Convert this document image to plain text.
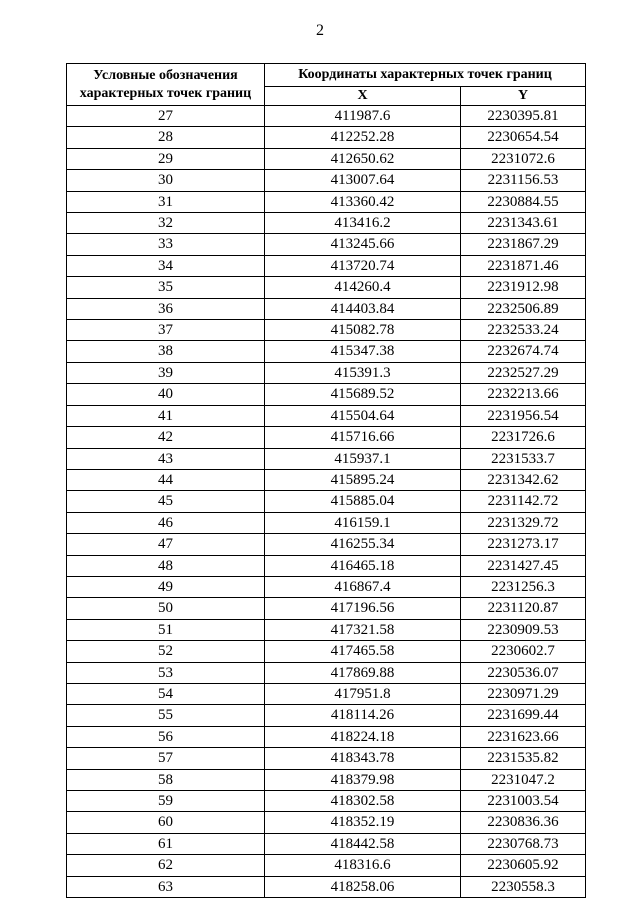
2
Условные обозначения характерных точек границ	Координаты характерных точек границ	
	X	Y
27	411987.6	2230395.81
28	412252.28	2230654.54
29	412650.62	2231072.6
30	413007.64	2231156.53
31	413360.42	2230884.55
32	413416.2	2231343.61
33	413245.66	2231867.29
34	413720.74	2231871.46
35	414260.4	2231912.98
36	414403.84	2232506.89
37	415082.78	2232533.24
38	415347.38	2232674.74
39	415391.3	2232527.29
40	415689.52	2232213.66
41	415504.64	2231956.54
42	415716.66	2231726.6
43	415937.1	2231533.7
44	415895.24	2231342.62
45	415885.04	2231142.72
46	416159.1	2231329.72
47	416255.34	2231273.17
48	416465.18	2231427.45
49	416867.4	2231256.3
50	417196.56	2231120.87
51	417321.58	2230909.53
52	417465.58	2230602.7
53	417869.88	2230536.07
54	417951.8	2230971.29
55	418114.26	2231699.44
56	418224.18	2231623.66
57	418343.78	2231535.82
58	418379.98	2231047.2
59	418302.58	2231003.54
60	418352.19	2230836.36
61	418442.58	2230768.73
62	418316.6	2230605.92
63	418258.06	2230558.3
